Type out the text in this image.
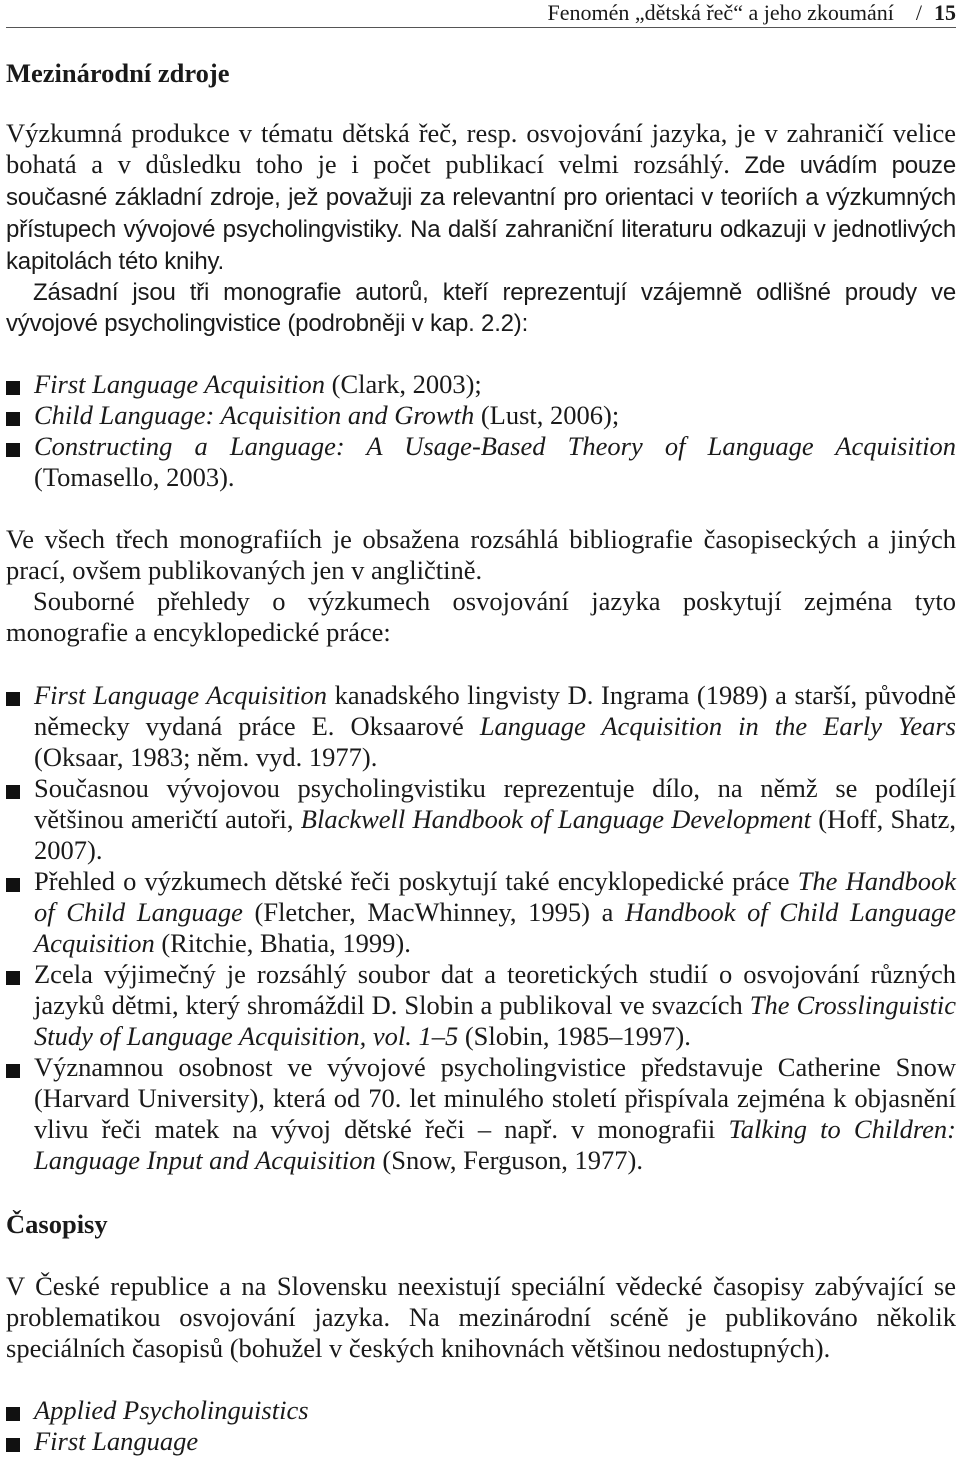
Fenomén „dětská řeč“ a jeho zkoumání / 15
Mezinárodní zdroje

Výzkumná produkce v tématu dětská řeč, resp. osvojování jazyka, je v zahraničí velice bohatá a v důsledku toho je i počet publikací velmi rozsáhlý. Zde uvádím pouze současné základní zdroje, jež považuji za relevantní pro orientaci v teoriích a výzkumných přístupech vývojové psycholingvistiky. Na další zahraniční literaturu odkazuji v jednotlivých kapitolách této knihy.

Zásadní jsou tři monografie autorů, kteří reprezentují vzájemně odlišné proudy ve vývojové psycholingvistice (podrobněji v kap. 2.2):

First Language Acquisition (Clark, 2003);
Child Language: Acquisition and Growth (Lust, 2006);
Constructing a Language: A Usage-Based Theory of Language Acquisition (Tomasello, 2003).

Ve všech třech monografiích je obsažena rozsáhlá bibliografie časopiseckých a jiných prací, ovšem publikovaných jen v angličtině.

Souborné přehledy o výzkumech osvojování jazyka poskytují zejména tyto monografie a encyklopedické práce:

First Language Acquisition kanadského lingvisty D. Ingrama (1989) a starší, původně německy vydaná práce E. Oksaarové Language Acquisition in the Early Years (Oksaar, 1983; něm. vyd. 1977).
Současnou vývojovou psycholingvistiku reprezentuje dílo, na němž se podílejí většinou američtí autoři, Blackwell Handbook of Language Development (Hoff, Shatz, 2007).
Přehled o výzkumech dětské řeči poskytují také encyklopedické práce The Handbook of Child Language (Fletcher, MacWhinney, 1995) a Handbook of Child Language Acquisition (Ritchie, Bhatia, 1999).
Zcela výjimečný je rozsáhlý soubor dat a teoretických studií o osvojování různých jazyků dětmi, který shromáždil D. Slobin a publikoval ve svazcích The Crosslinguistic Study of Language Acquisition, vol. 1–5 (Slobin, 1985–1997).
Významnou osobnost ve vývojové psycholingvistice představuje Catherine Snow (Harvard University), která od 70. let minulého století přispívala zejména k objasnění vlivu řeči matek na vývoj dětské řeči – např. v monografii Talking to Children: Language Input and Acquisition (Snow, Ferguson, 1977).
Časopisy

V České republice a na Slovensku neexistují speciální vědecké časopisy zabývající se problematikou osvojování jazyka. Na mezinárodní scéně je publikováno několik speciálních časopisů (bohužel v českých knihovnách většinou nedostupných).

Applied Psycholinguistics
First Language
